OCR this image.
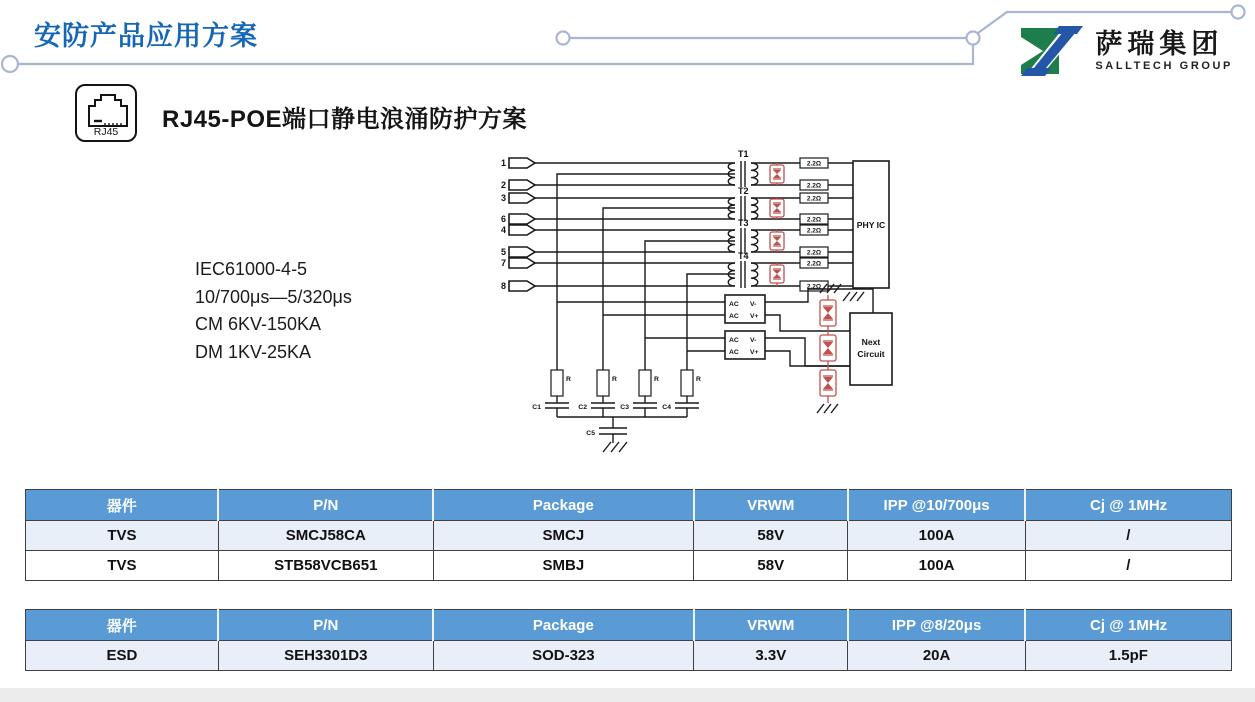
安防产品应用方案	萨瑞集团
SALLTECH GROUP
RJ45 RJ45-POE端口静电浪涌防护方案
IEC61000-4-5
10/700μs—5/320μs
CM 6KV-150KA
DM 1KV-25KA
1
2
3
6
4
5
7
8
T1
T2
T3
T4
2.2Ω
2.2Ω
2.2Ω
2.2Ω
2.2Ω
2.2Ω
2.2Ω
2.2Ω
PHY IC
AC V-
AC V+
AC V-
AC V+
Next
Circuit
R	R	R	R
C1	C2	C3	C4
C5
器件	P/N	Package	VRWM	IPP @10/700μs	Cj @ 1MHz
TVS	SMCJ58CA	SMCJ	58V	100A	/
TVS	STB58VCB651	SMBJ	58V	100A	/
器件	P/N	Package	VRWM	IPP @8/20μs	Cj @ 1MHz
ESD	SEH3301D3	SOD-323	3.3V	20A	1.5pF
